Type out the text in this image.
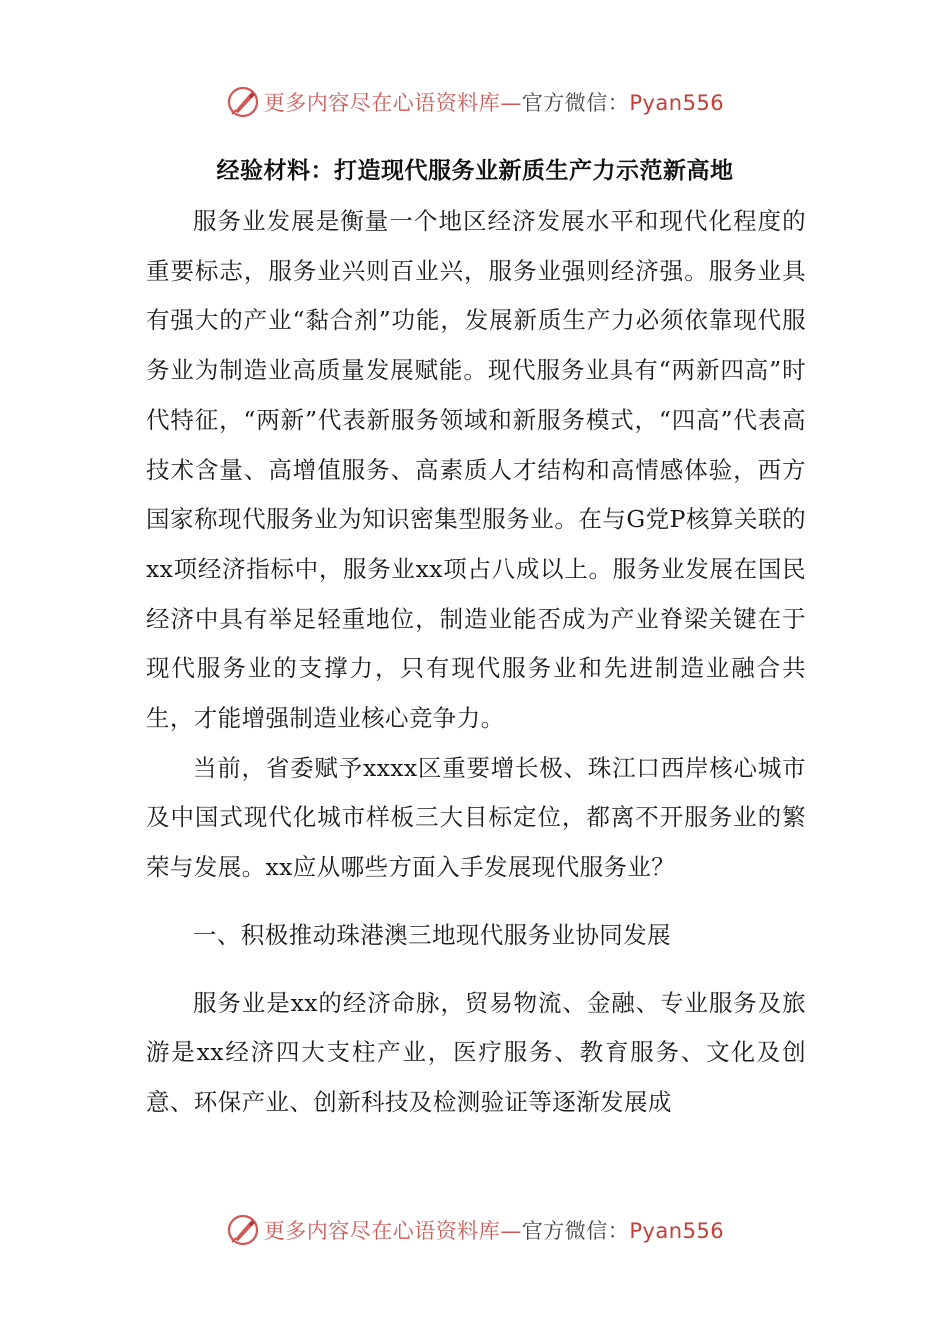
更多内容尽在心语资料库—官方微信：Pyan556
经验材料：打造现代服务业新质生产力示范新高地

服务业发展是衡量一个地区经济发展水平和现代化程度的重要标志，服务业兴则百业兴，服务业强则经济强。服务业具有强大的产业“黏合剂”功能，发展新质生产力必须依靠现代服务业为制造业高质量发展赋能。现代服务业具有“两新四高”时代特征，“两新”代表新服务领域和新服务模式，“四高”代表高技术含量、高增值服务、高素质人才结构和高情感体验，西方国家称现代服务业为知识密集型服务业。在与G党P核算关联的xx项经济指标中，服务业xx项占八成以上。服务业发展在国民经济中具有举足轻重地位，制造业能否成为产业脊梁关键在于现代服务业的支撑力，只有现代服务业和先进制造业融合共生，才能增强制造业核心竞争力。

当前，省委赋予xxxx区重要增长极、珠江口西岸核心城市及中国式现代化城市样板三大目标定位，都离不开服务业的繁荣与发展。xx应从哪些方面入手发展现代服务业？

一、积极推动珠港澳三地现代服务业协同发展

服务业是xx的经济命脉，贸易物流、金融、专业服务及旅游是xx经济四大支柱产业，医疗服务、教育服务、文化及创意、环保产业、创新科技及检测验证等逐渐发展成

更多内容尽在心语资料库—官方微信：Pyan556
